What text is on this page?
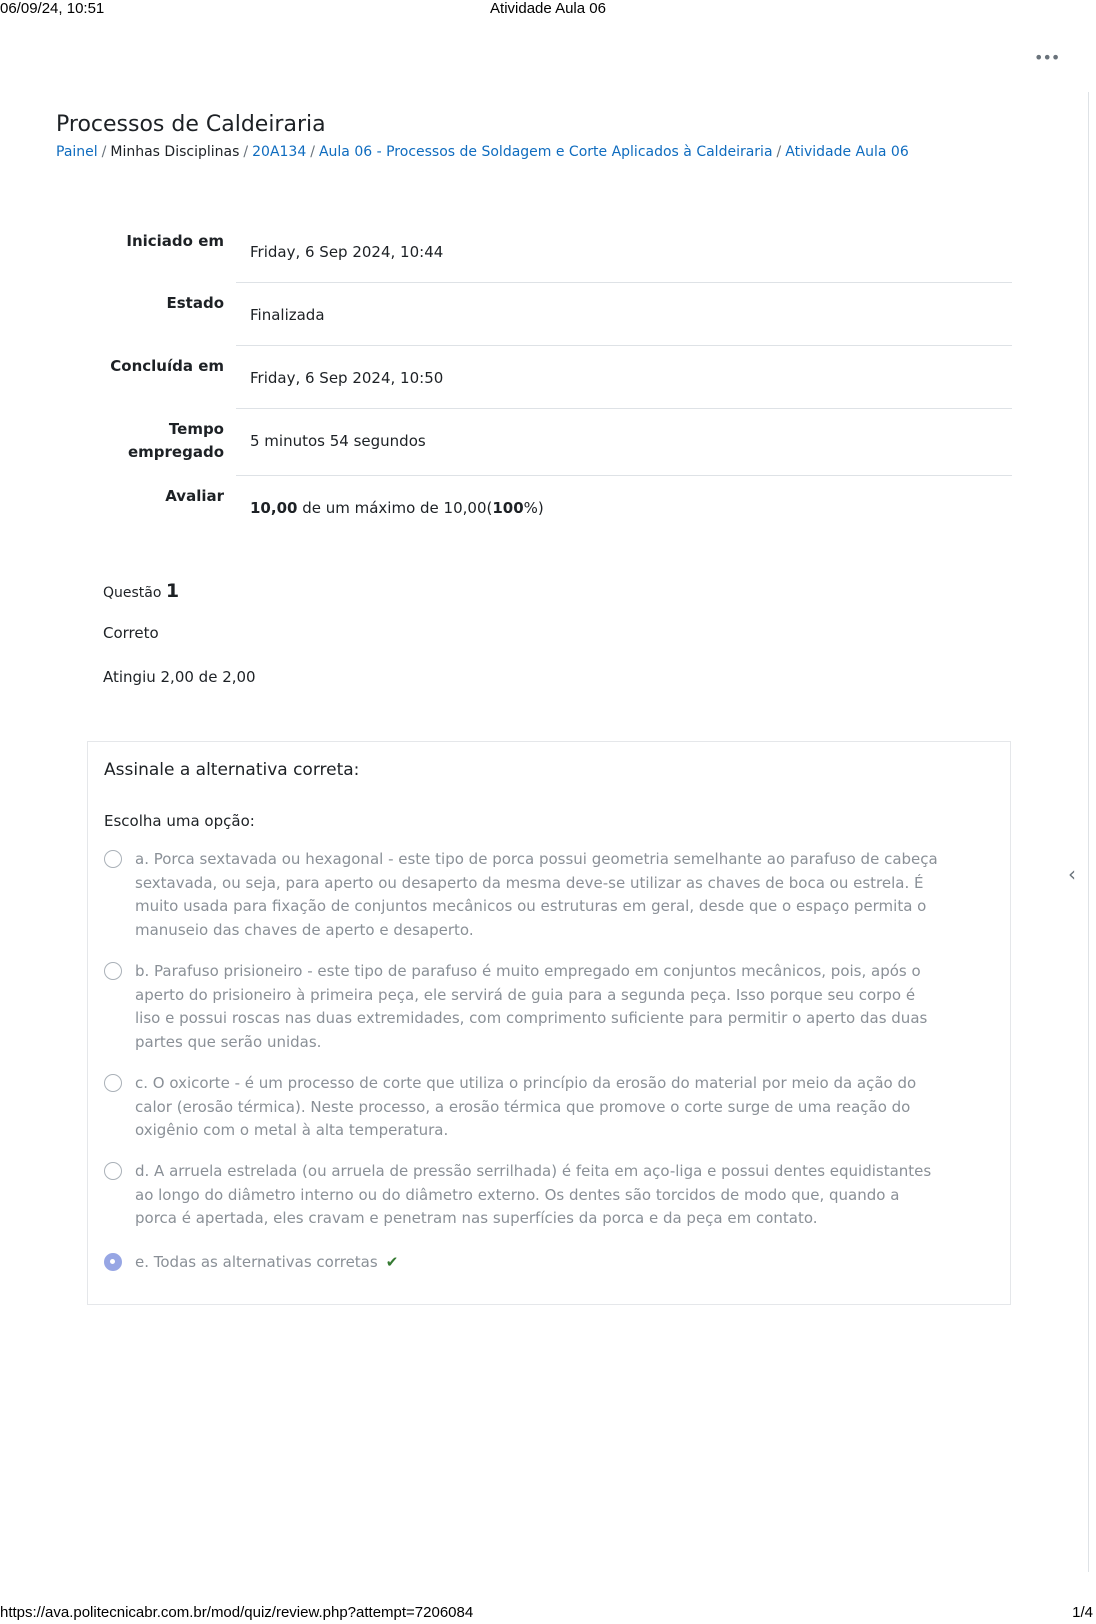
06/09/24, 10:51	Atividade Aula 06
•••
‹
Processos de Caldeiraria
Painel / Minhas Disciplinas / 20A134 / Aula 06 - Processos de Soldagem e Corte Aplicados à Caldeiraria / Atividade Aula 06
Iniciado em	Friday, 6 Sep 2024, 10:44
Estado	Finalizada
Concluída em	Friday, 6 Sep 2024, 10:50
Tempo
empregado	5 minutos 54 segundos
Avaliar	10,00 de um máximo de 10,00(100%)
Questão 1
Correto
Atingiu 2,00 de 2,00
Assinale a alternativa correta:
Escolha uma opção:
a. Porca sextavada ou hexagonal - este tipo de porca possui geometria semelhante ao parafuso de cabeça sextavada, ou seja, para aperto ou desaperto da mesma deve-se utilizar as chaves de boca ou estrela. É muito usada para fixação de conjuntos mecânicos ou estruturas em geral, desde que o espaço permita o manuseio das chaves de aperto e desaperto.
b. Parafuso prisioneiro - este tipo de parafuso é muito empregado em conjuntos mecânicos, pois, após o aperto do prisioneiro à primeira peça, ele servirá de guia para a segunda peça. Isso porque seu corpo é liso e possui roscas nas duas extremidades, com comprimento suficiente para permitir o aperto das duas partes que serão unidas.
c. O oxicorte - é um processo de corte que utiliza o princípio da erosão do material por meio da ação do calor (erosão térmica). Neste processo, a erosão térmica que promove o corte surge de uma reação do oxigênio com o metal à alta temperatura.
d. A arruela estrelada (ou arruela de pressão serrilhada) é feita em aço-liga e possui dentes equidistantes ao longo do diâmetro interno ou do diâmetro externo. Os dentes são torcidos de modo que, quando a porca é apertada, eles cravam e penetram nas superfícies da porca e da peça em contato.
e. Todas as alternativas corretas ✔
https://ava.politecnicabr.com.br/mod/quiz/review.php?attempt=7206084	1/4
